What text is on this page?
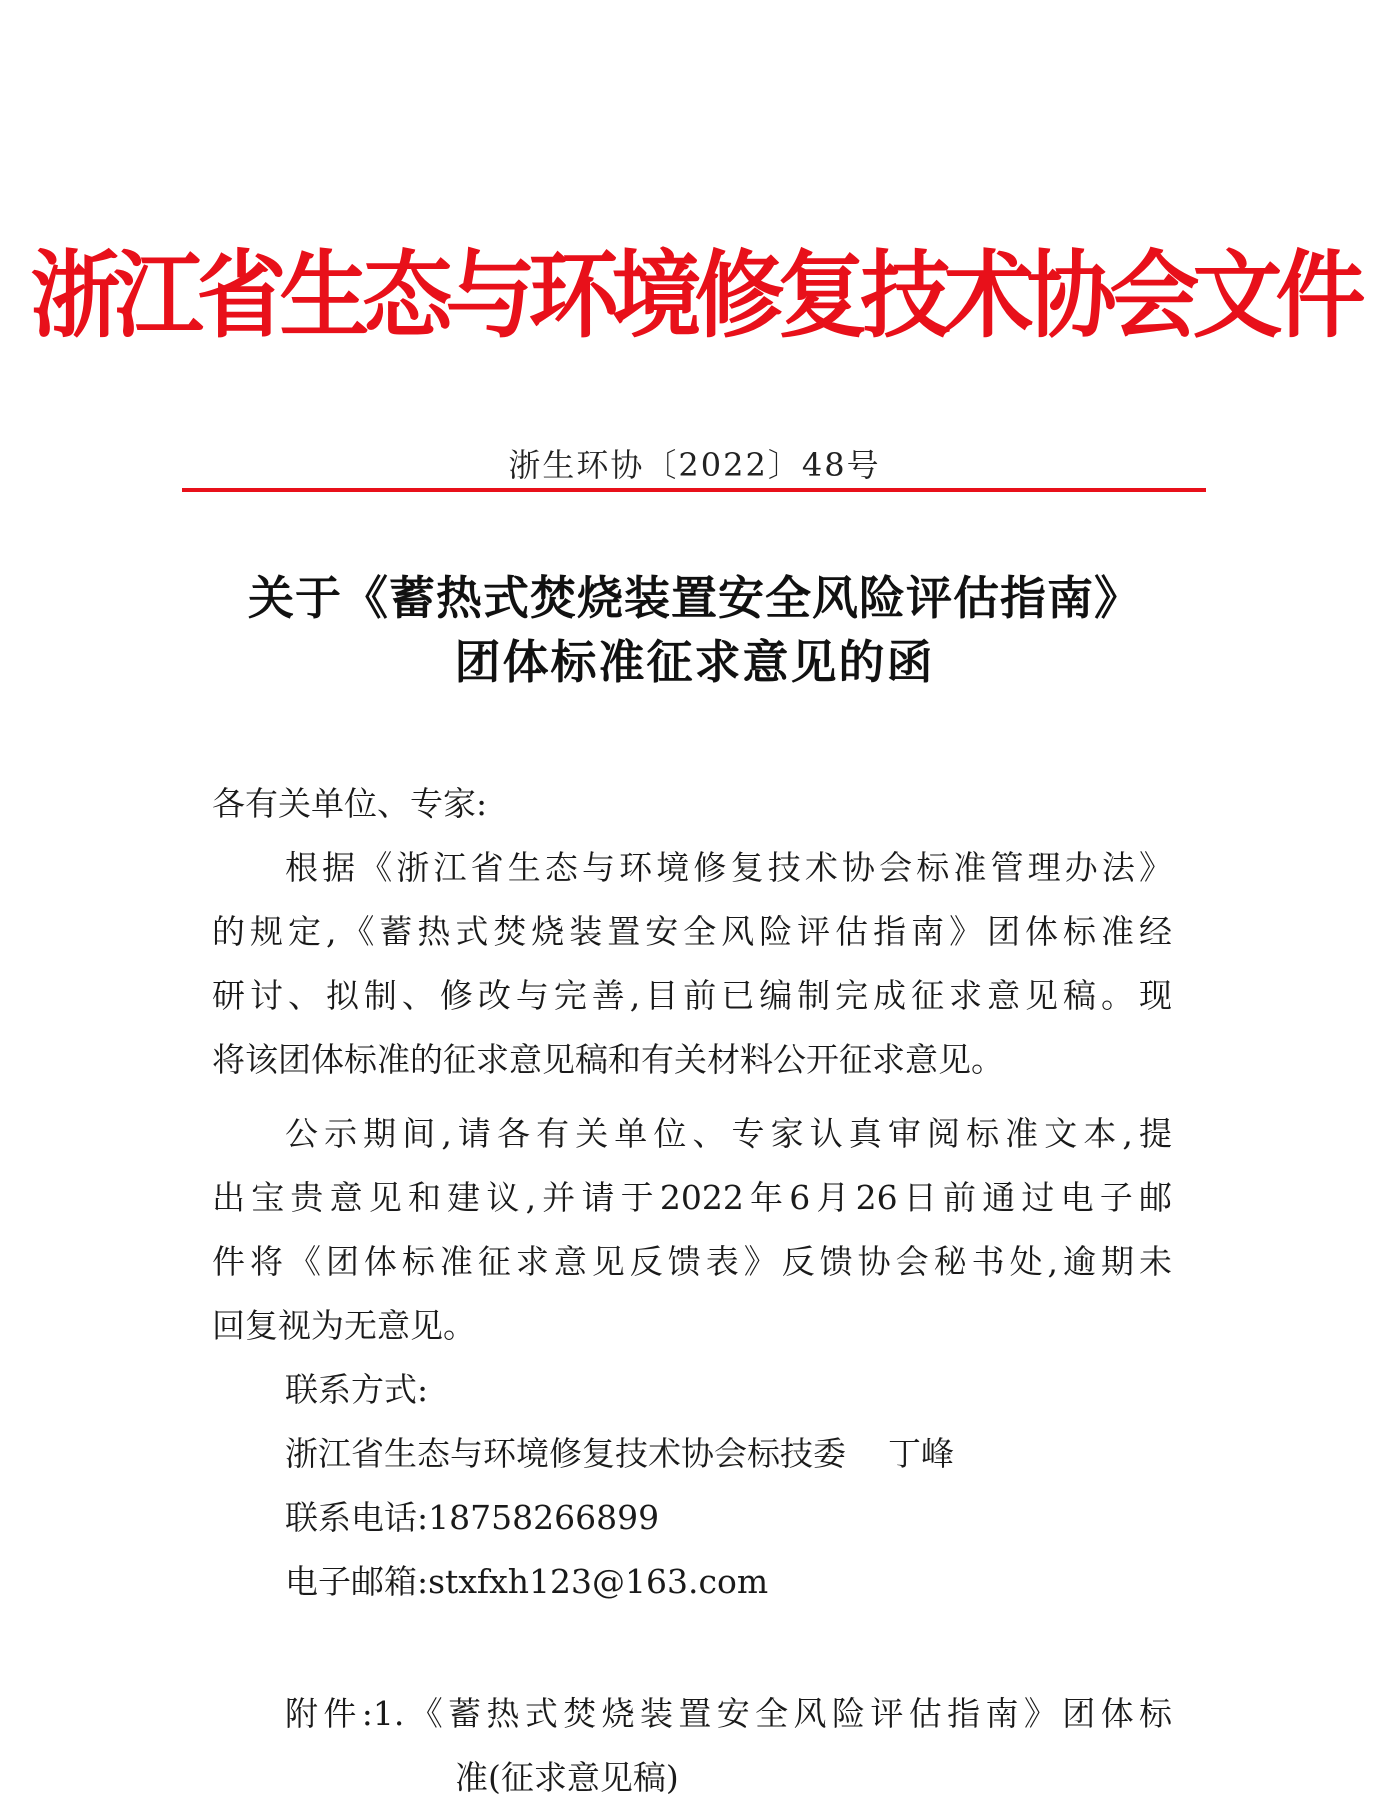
浙江省生态与环境修复技术协会文件
浙生环协〔2022〕48号
关于《蓄热式焚烧装置安全风险评估指南》
团体标准征求意见的函
各有关单位、专家:
根据《浙江省生态与环境修复技术协会标准管理办法》
的规定,《蓄热式焚烧装置安全风险评估指南》团体标准经
研讨、拟制、修改与完善,目前已编制完成征求意见稿。现
将该团体标准的征求意见稿和有关材料公开征求意见。
公示期间,请各有关单位、专家认真审阅标准文本,提
出宝贵意见和建议,并请于2022年6月26日前通过电子邮
件将《团体标准征求意见反馈表》反馈协会秘书处,逾期未
回复视为无意见。
联系方式:
浙江省生态与环境修复技术协会标技委    丁峰
联系电话:18758266899
电子邮箱:stxfxh123@163.com
附件:1.《蓄热式焚烧装置安全风险评估指南》团体标
准(征求意见稿)
